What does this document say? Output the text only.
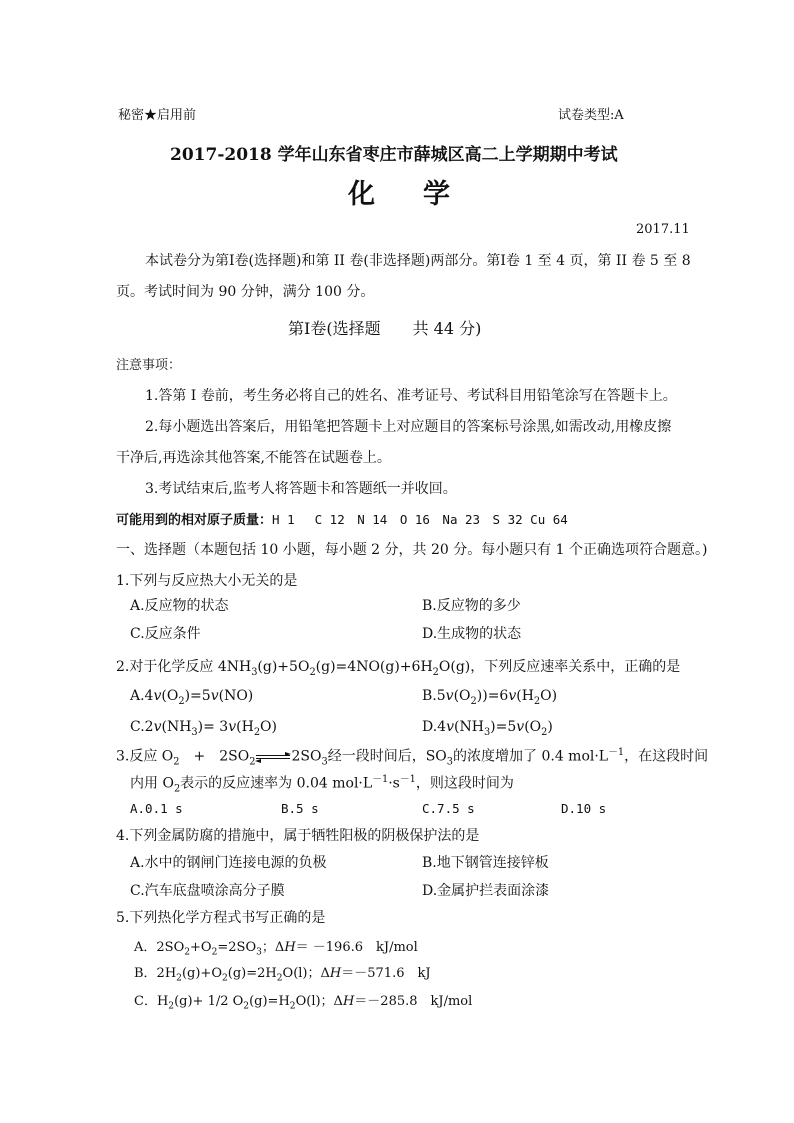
秘密★启用前	试卷类型:A
2017-2018 学年山东省枣庄市薛城区高二上学期期中考试
化学
2017.11
本试卷分为第Ⅰ卷(选择题)和第 II 卷(非选择题)两部分。第Ⅰ卷 1 至 4 页，第 II 卷 5 至 8
页。考试时间为 90 分钟，满分 100 分。
第Ⅰ卷(选择题　　共 44 分)
注意事项：
1.答第 I 卷前，考生务必将自己的姓名、准考证号、考试科目用铅笔涂写在答题卡上。
2.每小题选出答案后，用铅笔把答题卡上对应题目的答案标号涂黑,如需改动,用橡皮擦
干净后,再选涂其他答案,不能答在试题卷上。
3.考试结束后,监考人将答题卡和答题纸一并收回。
可能用到的相对原子质量：H 1　 C 12　N 14　O 16　Na 23　S 32 Cu 64
一、选择题（本题包括 10 小题，每小题 2 分，共 20 分。每小题只有 1 个正确选项符合题意。)
1.下列与反应热大小无关的是
A.反应物的状态	B.反应物的多少
C.反应条件	D.生成物的状态
2.对于化学反应 $4NH_3(g)+5O_2(g)=4NO(g)+6H_2O(g)$，下列反应速率关系中，正确的是
$A.4v(O_2)=5v(NO)$	$B.5v(O_2))=6v(H_2O)$
$C.2v(NH_3)= 3v(H_2O)$	$D.4v(NH_3)=5v(O_2)$
3.反应 $O_2$　+　$2SO_2$	$2SO_3$经一段时间后，$SO_3$的浓度增加了 0.4 $mol\cdot L^{-1}$，在这段时间
内用 $O_2$表示的反应速率为 0.04 $mol\cdot L^{-1}\cdot s^{-1}$，则这段时间为
A.0.1 s	B.5 s	C.7.5 s	D.10 s
4.下列金属防腐的措施中，属于牺牲阳极的阴极保护法的是
A.水中的钢闸门连接电源的负极	B.地下钢管连接锌板
C.汽车底盘喷涂高分子膜	D.金属护拦表面涂漆
5.下列热化学方程式书写正确的是
A．$2SO_2+O_2=2SO_3$；ΔH＝ －196.6　kJ/mol
B．$2H_2(g)+O_2(g)=2H_2O(l)$；ΔH＝－571.6　kJ
C．$H_2(g)+ 1/2$ $O_2(g)=H_2O(l)$；ΔH＝－285.8　kJ/mol
